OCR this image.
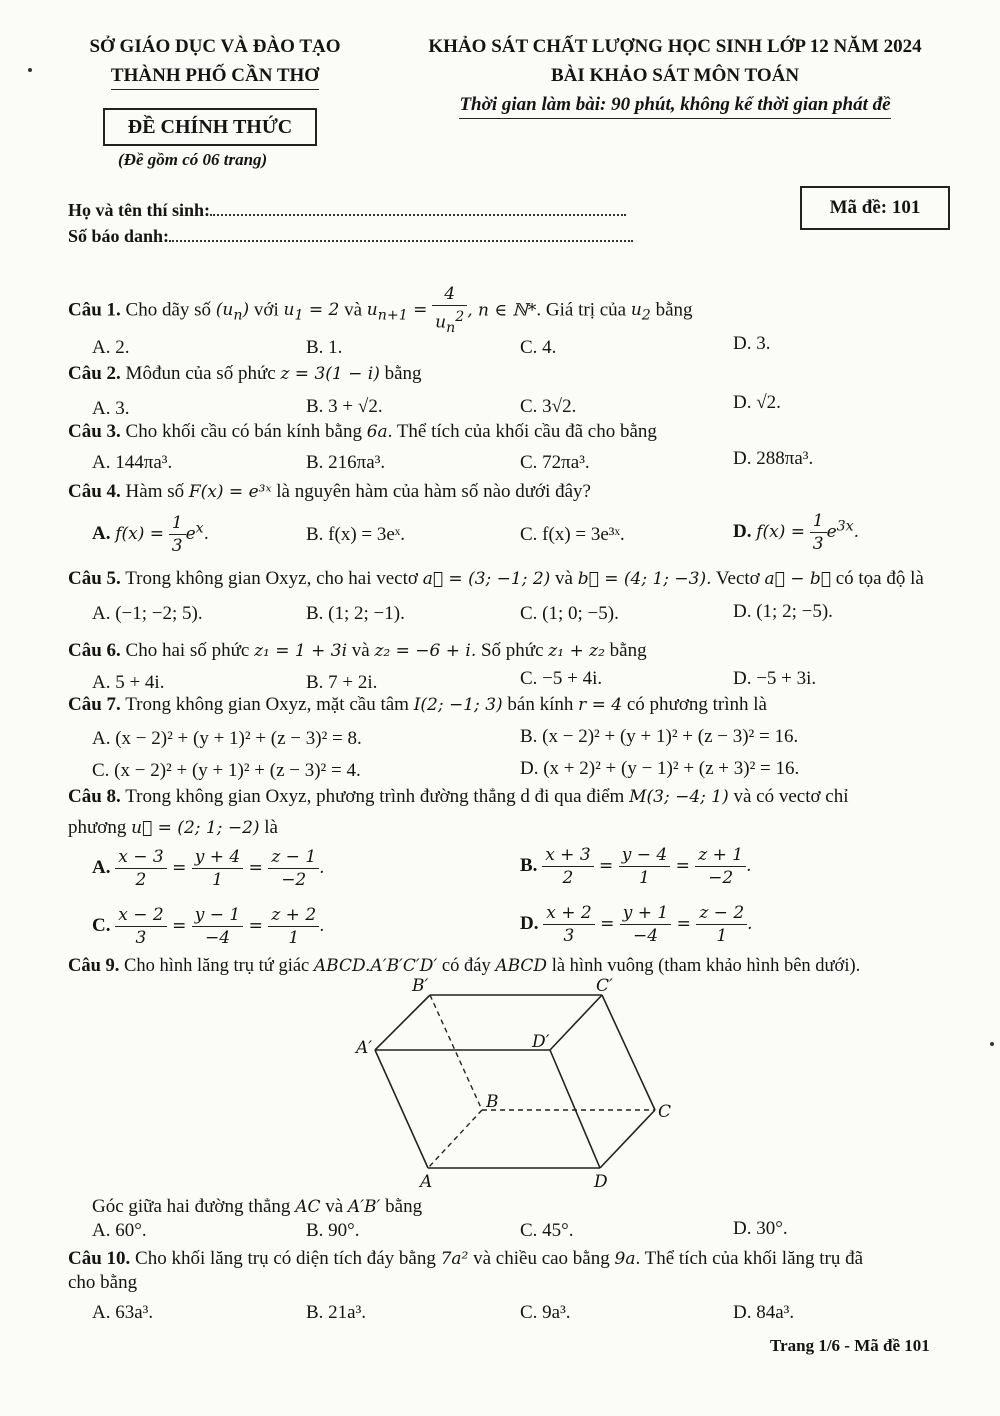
SỞ GIÁO DỤC VÀ ĐÀO TẠO
THÀNH PHỐ CẦN THƠ
KHẢO SÁT CHẤT LƯỢNG HỌC SINH LỚP 12 NĂM 2024
BÀI KHẢO SÁT MÔN TOÁN
Thời gian làm bài: 90 phút, không kể thời gian phát đề
ĐỀ CHÍNH THỨC
(Đề gồm có 06 trang)
Mã đề: 101
Họ và tên thí sinh:
Số báo danh:
Câu 1. Cho dãy số $(u_n)$ với $u_1 = 2$ và $u_{n+1} = \frac{4}{u_n^2}$ , n ∈ ℕ*. Giá trị của $u_2$ bằng
A. 2.	B. 1.	C. 4.	D. 3.
Câu 2. Môđun của số phức z = 3(1 − i) bằng
A. 3.	B. 3 + √2.	C. 3√2.	D. √2.
Câu 3. Cho khối cầu có bán kính bằng 6a. Thể tích của khối cầu đã cho bằng
A. 144πa³.	B. 216πa³.	C. 72πa³.	D. 288πa³.
Câu 4. Hàm số F(x) = e³ˣ là nguyên hàm của hàm số nào dưới đây?
A. $f(x) = \frac{1}{3} e^x$.	B. f(x) = 3eˣ.	C. f(x) = 3e³ˣ.	D. $f(x) = \frac{1}{3} e^{3x}$.
Câu 5. Trong không gian Oxyz, cho hai vectơ a⃗ = (3; −1; 2) và b⃗ = (4; 1; −3). Vectơ a⃗ − b⃗ có tọa độ là
A. (−1; −2; 5).	B. (1; 2; −1).	C. (1; 0; −5).	D. (1; 2; −5).
Câu 6. Cho hai số phức z₁ = 1 + 3i và z₂ = −6 + i. Số phức z₁ + z₂ bằng
A. 5 + 4i.	B. 7 + 2i.	C. −5 + 4i.	D. −5 + 3i.
Câu 7. Trong không gian Oxyz, mặt cầu tâm I(2; −1; 3) bán kính r = 4 có phương trình là
A. (x − 2)² + (y + 1)² + (z − 3)² = 8.	B. (x − 2)² + (y + 1)² + (z − 3)² = 16.
C. (x − 2)² + (y + 1)² + (z − 3)² = 4.	D. (x + 2)² + (y − 1)² + (z + 3)² = 16.
Câu 8. Trong không gian Oxyz, phương trình đường thẳng d đi qua điểm M(3; −4; 1) và có vectơ chỉ
phương u⃗ = (2; 1; −2) là
A. $\frac{x - 3}{2} = \frac{y + 4}{1} = \frac{z - 1}{-2}$ .	B. $\frac{x + 3}{2} = \frac{y - 4}{1} = \frac{z + 1}{-2}$ .
C. $\frac{x - 2}{3} = \frac{y - 1}{-4} = \frac{z + 2}{1}$ .	D. $\frac{x + 2}{3} = \frac{y + 1}{-4} = \frac{z - 2}{1}$ .
Câu 9. Cho hình lăng trụ tứ giác ABCD.A′B′C′D′ có đáy ABCD là hình vuông (tham khảo hình bên dưới).
B′	C′
A′	D′
B	C
A	D
Góc giữa hai đường thẳng AC và A′B′ bằng
A. 60°.	B. 90°.	C. 45°.	D. 30°.
Câu 10. Cho khối lăng trụ có diện tích đáy bằng 7a² và chiều cao bằng 9a. Thể tích của khối lăng trụ đã
cho bằng
A. 63a³.	B. 21a³.	C. 9a³.	D. 84a³.
Trang 1/6 - Mã đề 101
